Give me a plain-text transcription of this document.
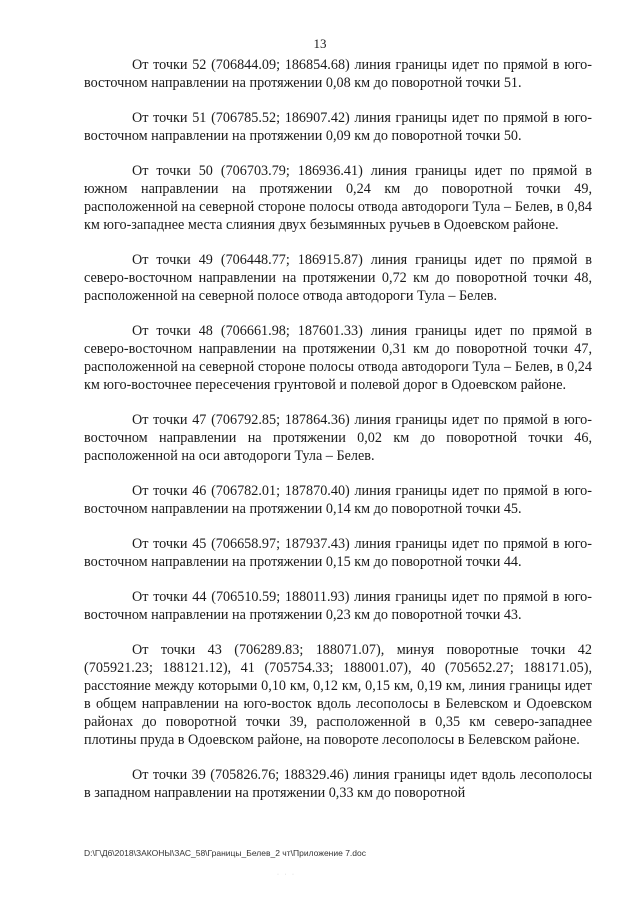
13

От точки 52 (706844.09; 186854.68) линия границы идет по прямой в юго-восточном направлении на протяжении 0,08 км до поворотной точки 51.

От точки 51 (706785.52; 186907.42) линия границы идет по прямой в юго-восточном направлении на протяжении 0,09 км до поворотной точки 50.

От точки 50 (706703.79; 186936.41) линия границы идет по прямой в южном направлении на протяжении 0,24 км до поворотной точки 49, расположенной на северной стороне полосы отвода автодороги Тула – Белев, в 0,84 км юго-западнее места слияния двух безымянных ручьев в Одоевском районе.

От точки 49 (706448.77; 186915.87) линия границы идет по прямой в северо-восточном направлении на протяжении 0,72 км до поворотной точки 48, расположенной на северной полосе отвода автодороги Тула – Белев.

От точки 48 (706661.98; 187601.33) линия границы идет по прямой в северо-восточном направлении на протяжении 0,31 км до поворотной точки 47, расположенной на северной стороне полосы отвода автодороги Тула – Белев, в 0,24 км юго-восточнее пересечения грунтовой и полевой дорог в Одоевском районе.

От точки 47 (706792.85; 187864.36) линия границы идет по прямой в юго-восточном направлении на протяжении 0,02 км до поворотной точки 46, расположенной на оси автодороги Тула – Белев.

От точки 46 (706782.01; 187870.40) линия границы идет по прямой в юго-восточном направлении на протяжении 0,14 км до поворотной точки 45.

От точки 45 (706658.97; 187937.43) линия границы идет по прямой в юго-восточном направлении на протяжении 0,15 км до поворотной точки 44.

От точки 44 (706510.59; 188011.93) линия границы идет по прямой в юго-восточном направлении на протяжении 0,23 км до поворотной точки 43.

От точки 43 (706289.83; 188071.07), минуя поворотные точки 42 (705921.23; 188121.12), 41 (705754.33; 188001.07), 40 (705652.27; 188171.05), расстояние между которыми 0,10 км, 0,12 км, 0,15 км, 0,19 км, линия границы идет в общем направлении на юго-восток вдоль лесополосы в Белевском и Одоевском районах до поворотной точки 39, расположенной в 0,35 км северо-западнее плотины пруда в Одоевском районе, на повороте лесополосы в Белевском районе.

От точки 39 (705826.76; 188329.46) линия границы идет вдоль лесополосы в западном направлении на протяжении 0,33 км до поворотной

D:\Г\Д6\2018\ЗАКОНЫ\ЗАС_58\Границы_Белев_2 чт\Приложение 7.doc
· · ·
